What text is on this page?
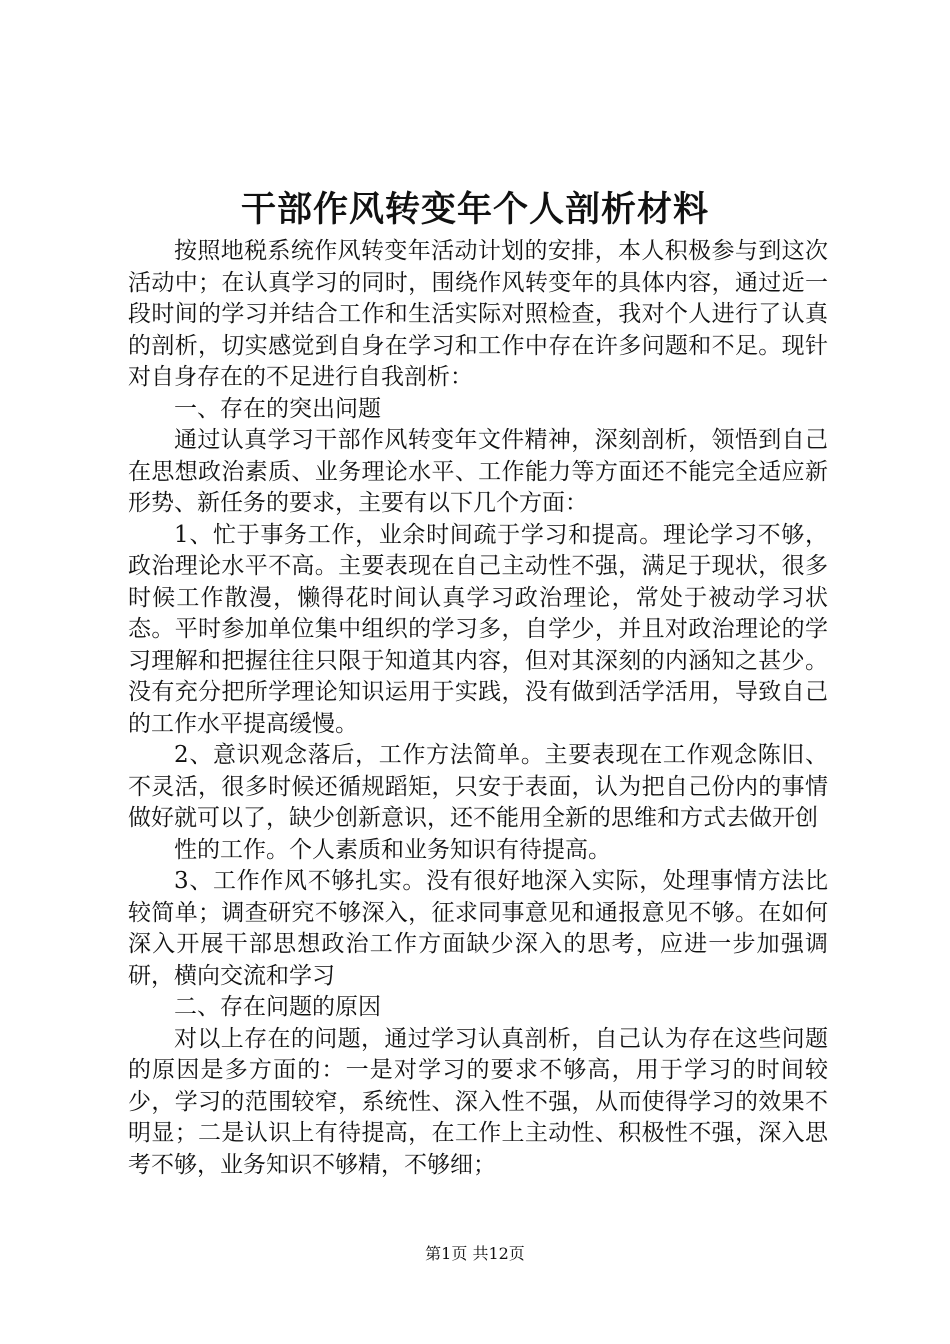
干部作风转变年个人剖析材料

按照地税系统作风转变年活动计划的安排，本人积极参与到这次活动中；在认真学习的同时，围绕作风转变年的具体内容，通过近一段时间的学习并结合工作和生活实际对照检查，我对个人进行了认真的剖析，切实感觉到自身在学习和工作中存在许多问题和不足。现针对自身存在的不足进行自我剖析：

一、存在的突出问题

通过认真学习干部作风转变年文件精神，深刻剖析，领悟到自己在思想政治素质、业务理论水平、工作能力等方面还不能完全适应新形势、新任务的要求，主要有以下几个方面：

1、忙于事务工作，业余时间疏于学习和提高。理论学习不够，政治理论水平不高。主要表现在自己主动性不强，满足于现状，很多时候工作散漫，懒得花时间认真学习政治理论，常处于被动学习状态。平时参加单位集中组织的学习多，自学少，并且对政治理论的学习理解和把握往往只限于知道其内容，但对其深刻的内涵知之甚少。没有充分把所学理论知识运用于实践，没有做到活学活用，导致自己的工作水平提高缓慢。

2、意识观念落后，工作方法简单。主要表现在工作观念陈旧、不灵活，很多时候还循规蹈矩，只安于表面，认为把自己份内的事情做好就可以了，缺少创新意识，还不能用全新的思维和方式去做开创

性的工作。个人素质和业务知识有待提高。

3、工作作风不够扎实。没有很好地深入实际，处理事情方法比较简单；调查研究不够深入，征求同事意见和通报意见不够。在如何深入开展干部思想政治工作方面缺少深入的思考，应进一步加强调研，横向交流和学习

二、存在问题的原因

对以上存在的问题，通过学习认真剖析，自己认为存在这些问题的原因是多方面的：一是对学习的要求不够高，用于学习的时间较少，学习的范围较窄，系统性、深入性不强，从而使得学习的效果不明显；二是认识上有待提高，在工作上主动性、积极性不强，深入思考不够，业务知识不够精，不够细；

第1页 共12页
